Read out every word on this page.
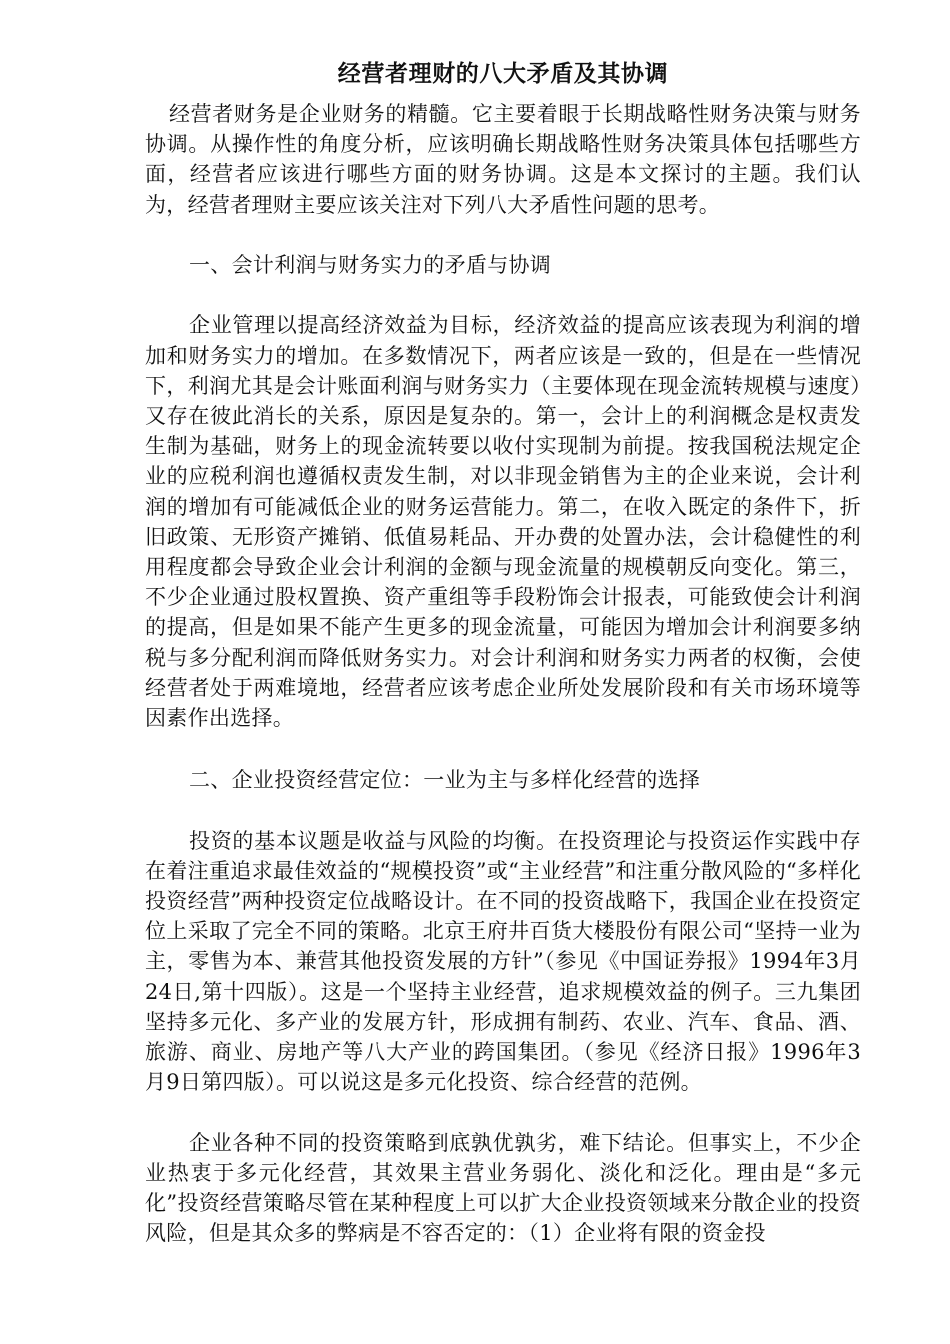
经营者理财的八大矛盾及其协调

经营者财务是企业财务的精髓。它主要着眼于长期战略性财务决策与财务协调。从操作性的角度分析，应该明确长期战略性财务决策具体包括哪些方面，经营者应该进行哪些方面的财务协调。这是本文探讨的主题。我们认为，经营者理财主要应该关注对下列八大矛盾性问题的思考。

一、会计利润与财务实力的矛盾与协调

企业管理以提高经济效益为目标，经济效益的提高应该表现为利润的增加和财务实力的增加。在多数情况下，两者应该是一致的，但是在一些情况下，利润尤其是会计账面利润与财务实力（主要体现在现金流转规模与速度）又存在彼此消长的关系，原因是复杂的。第一，会计上的利润概念是权责发生制为基础，财务上的现金流转要以收付实现制为前提。按我国税法规定企业的应税利润也遵循权责发生制，对以非现金销售为主的企业来说，会计利润的增加有可能减低企业的财务运营能力。第二，在收入既定的条件下，折旧政策、无形资产摊销、低值易耗品、开办费的处置办法，会计稳健性的利用程度都会导致企业会计利润的金额与现金流量的规模朝反向变化。第三，不少企业通过股权置换、资产重组等手段粉饰会计报表，可能致使会计利润的提高，但是如果不能产生更多的现金流量，可能因为增加会计利润要多纳税与多分配利润而降低财务实力。对会计利润和财务实力两者的权衡，会使经营者处于两难境地，经营者应该考虑企业所处发展阶段和有关市场环境等因素作出选择。

二、企业投资经营定位：一业为主与多样化经营的选择

投资的基本议题是收益与风险的均衡。在投资理论与投资运作实践中存在着注重追求最佳效益的“规模投资”或“主业经营”和注重分散风险的“多样化投资经营”两种投资定位战略设计。在不同的投资战略下，我国企业在投资定位上采取了完全不同的策略。北京王府井百货大楼股份有限公司“坚持一业为主，零售为本、兼营其他投资发展的方针”（参见《中国证券报》1994年3月24日,第十四版）。这是一个坚持主业经营，追求规模效益的例子。三九集团坚持多元化、多产业的发展方针，形成拥有制药、农业、汽车、食品、酒、旅游、商业、房地产等八大产业的跨国集团。（参见《经济日报》1996年3月9日第四版）。可以说这是多元化投资、综合经营的范例。

企业各种不同的投资策略到底孰优孰劣，难下结论。但事实上，不少企业热衷于多元化经营，其效果主营业务弱化、淡化和泛化。理由是“多元化”投资经营策略尽管在某种程度上可以扩大企业投资领域来分散企业的投资风险，但是其众多的弊病是不容否定的：（1）企业将有限的资金投
